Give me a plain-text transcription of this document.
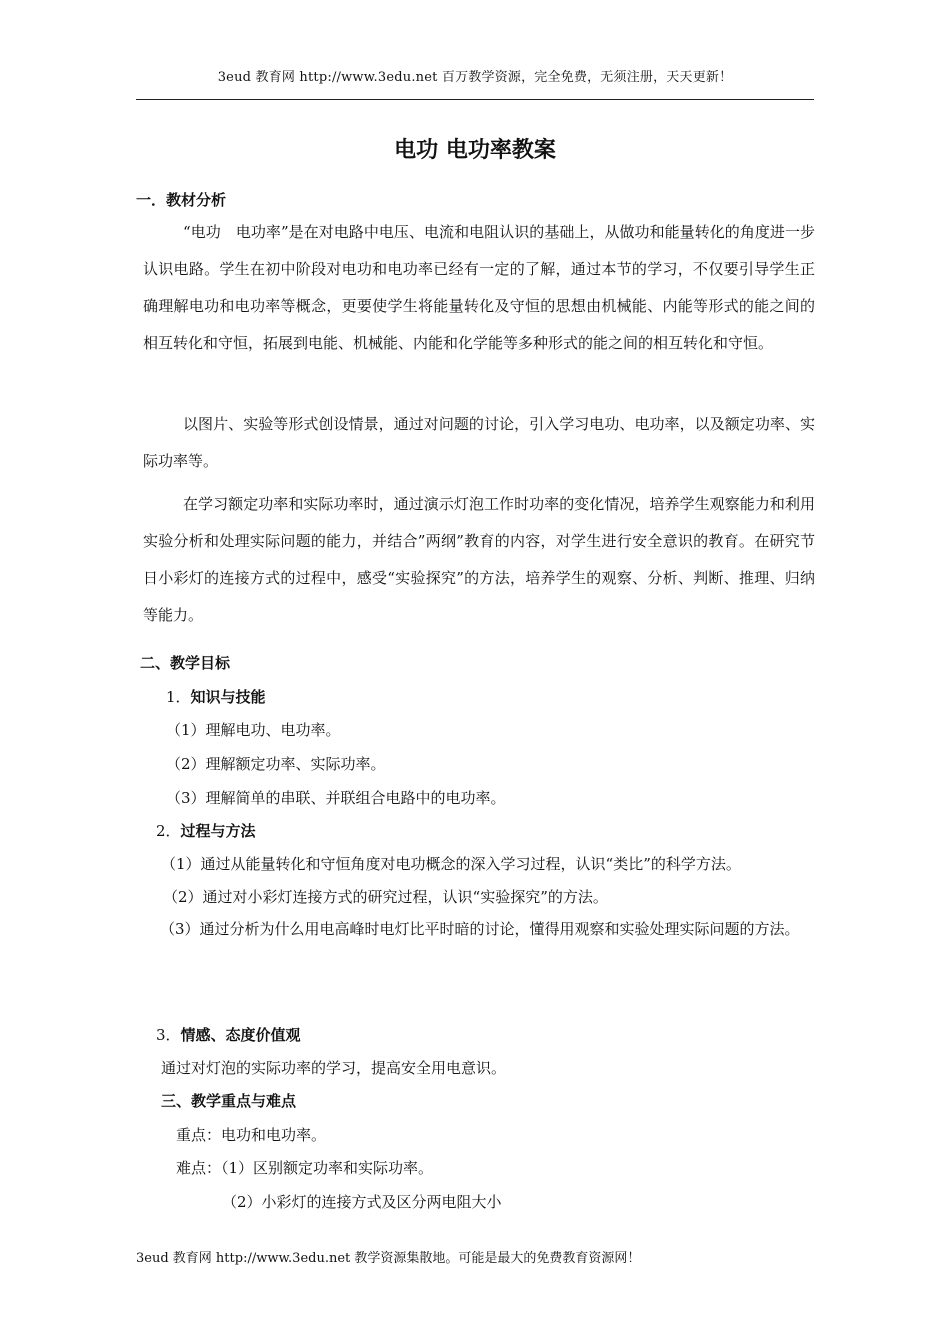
3eud 教育网 http://www.3edu.net 百万教学资源，完全免费，无须注册，天天更新！
电功 电功率教案
一．教材分析
“电功　电功率”是在对电路中电压、电流和电阻认识的基础上，从做功和能量转化的角度进一步认识电路。学生在初中阶段对电功和电功率已经有一定的了解，通过本节的学习，不仅要引导学生正确理解电功和电功率等概念，更要使学生将能量转化及守恒的思想由机械能、内能等形式的能之间的相互转化和守恒，拓展到电能、机械能、内能和化学能等多种形式的能之间的相互转化和守恒。
以图片、实验等形式创设情景，通过对问题的讨论，引入学习电功、电功率，以及额定功率、实际功率等。
在学习额定功率和实际功率时，通过演示灯泡工作时功率的变化情况，培养学生观察能力和利用实验分析和处理实际问题的能力，并结合”两纲”教育的内容，对学生进行安全意识的教育。在研究节日小彩灯的连接方式的过程中，感受“实验探究”的方法，培养学生的观察、分析、判断、推理、归纳等能力。
二、教学目标
1．知识与技能
（1）理解电功、电功率。
（2）理解额定功率、实际功率。
（3）理解简单的串联、并联组合电路中的电功率。
2．过程与方法
（1）通过从能量转化和守恒角度对电功概念的深入学习过程，认识“类比”的科学方法。
（2）通过对小彩灯连接方式的研究过程，认识“实验探究”的方法。
（3）通过分析为什么用电高峰时电灯比平时暗的讨论，懂得用观察和实验处理实际问题的方法。
3．情感、态度价值观
通过对灯泡的实际功率的学习，提高安全用电意识。
三、教学重点与难点
重点：电功和电功率。
难点：（1）区别额定功率和实际功率。
（2）小彩灯的连接方式及区分两电阻大小
3eud 教育网 http://www.3edu.net 教学资源集散地。可能是最大的免费教育资源网！
